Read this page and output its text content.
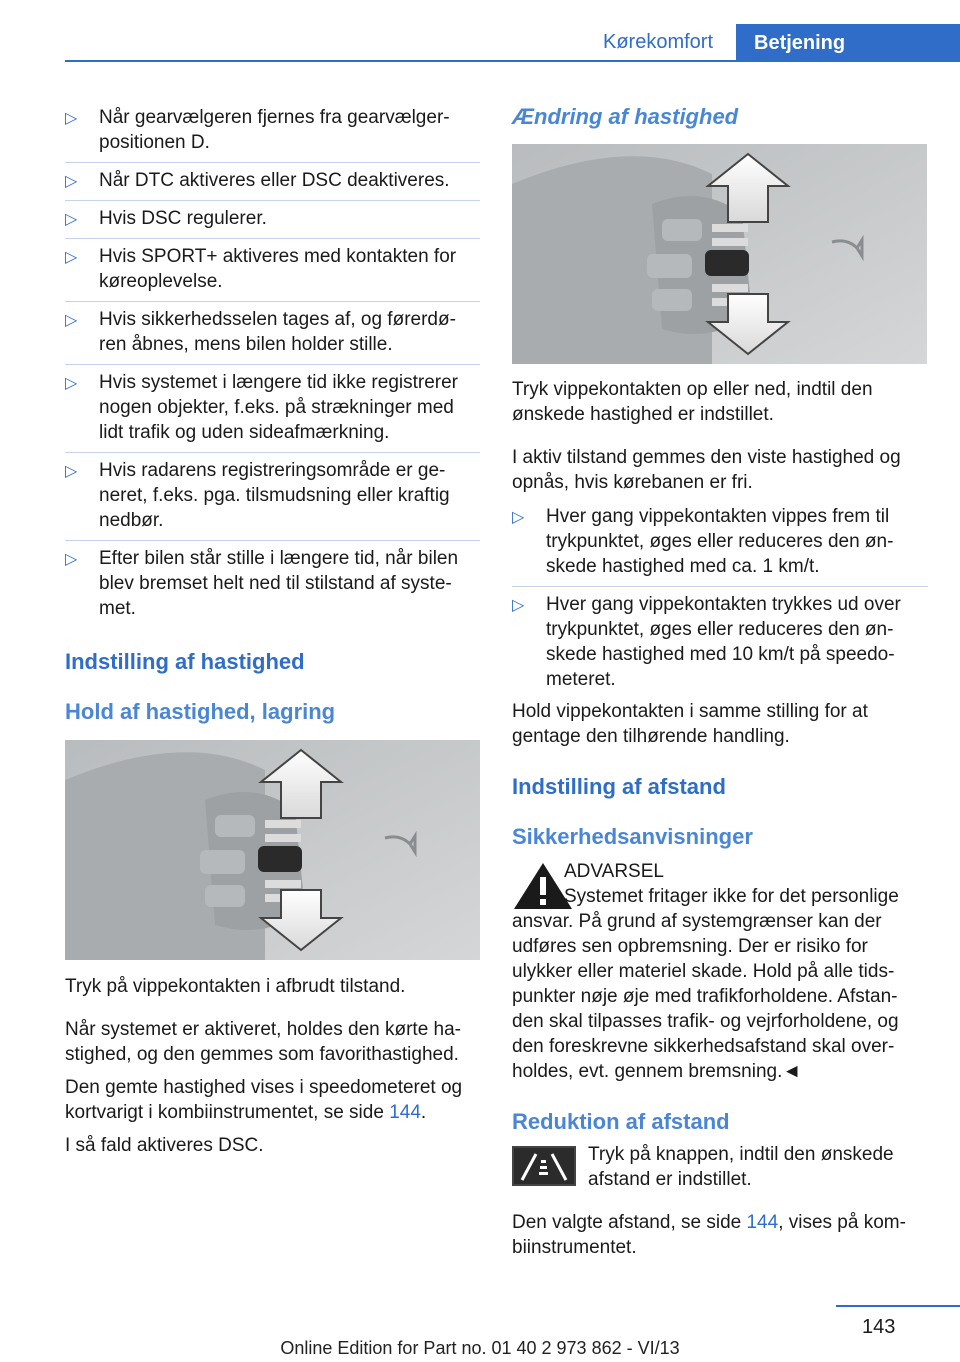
Kørekomfort	Betjening
▷ Når gearvælgeren fjernes fra gearvælger-positionen D.
▷ Når DTC aktiveres eller DSC deaktiveres.
▷ Hvis DSC regulerer.
▷ Hvis SPORT+ aktiveres med kontakten for køreoplevelse.
▷ Hvis sikkerhedsselen tages af, og førerdø-ren åbnes, mens bilen holder stille.
▷ Hvis systemet i længere tid ikke registrerer nogen objekter, f.eks. på strækninger med lidt trafik og uden sideafmærkning.
▷ Hvis radarens registreringsområde er ge-neret, f.eks. pga. tilsmudsning eller kraftig nedbør.
▷ Efter bilen står stille i længere tid, når bilen blev bremset helt ned til stilstand af syste-met.
Indstilling af hastighed
Hold af hastighed, lagring

Tryk på vippekontakten i afbrudt tilstand.

Når systemet er aktiveret, holdes den kørte ha-stighed, og den gemmes som favorithastighed.

Den gemte hastighed vises i speedometeret og kortvarigt i kombiinstrumentet, se side 144.

I så fald aktiveres DSC.

Ændring af hastighed

Tryk vippekontakten op eller ned, indtil den ønskede hastighed er indstillet.

I aktiv tilstand gemmes den viste hastighed og opnås, hvis kørebanen er fri.

▷ Hver gang vippekontakten vippes frem til trykpunktet, øges eller reduceres den øn-skede hastighed med ca. 1 km/t.
▷ Hver gang vippekontakten trykkes ud over trykpunktet, øges eller reduceres den øn-skede hastighed med 10 km/t på speedo-meteret.

Hold vippekontakten i samme stilling for at gentage den tilhørende handling.

Indstilling af afstand
Sikkerhedsanvisninger

ADVARSEL

Systemet fritager ikke for det personlige ansvar. På grund af systemgrænser kan der udføres sen opbremsning. Der er risiko for ulykker eller materiel skade. Hold på alle tids-punkter nøje øje med trafikforholdene. Afstan-den skal tilpasses trafik- og vejrforholdene, og den foreskrevne sikkerhedsafstand skal over-holdes, evt. gennem bremsning.◄

Reduktion af afstand

Tryk på knappen, indtil den ønskede afstand er indstillet.

Den valgte afstand, se side 144, vises på kom-biinstrumentet.

143
Online Edition for Part no. 01 40 2 973 862 - VI/13
